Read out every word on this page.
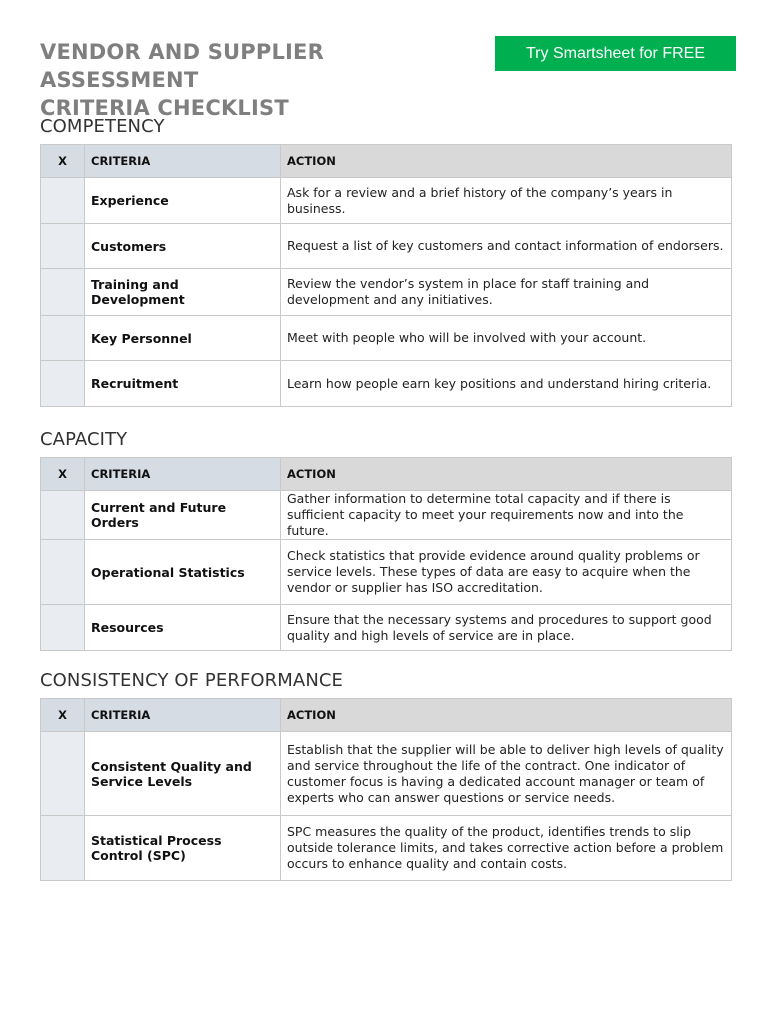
VENDOR AND SUPPLIER ASSESSMENT
CRITERIA CHECKLIST
Try Smartsheet for FREE
COMPETENCY
X	CRITERIA	ACTION
	Experience	Ask for a review and a brief history of the company’s years in business.
	Customers	Request a list of key customers and contact information of endorsers.
	Training and Development	Review the vendor’s system in place for staff training and development and any initiatives.
	Key Personnel	Meet with people who will be involved with your account.
	Recruitment	Learn how people earn key positions and understand hiring criteria.
CAPACITY
X	CRITERIA	ACTION
	Current and Future Orders	Gather information to determine total capacity and if there is sufficient capacity to meet your requirements now and into the future.
	Operational Statistics	Check statistics that provide evidence around quality problems or service levels. These types of data are easy to acquire when the vendor or supplier has ISO accreditation.
	Resources	Ensure that the necessary systems and procedures to support good quality and high levels of service are in place.
CONSISTENCY OF PERFORMANCE
X	CRITERIA	ACTION
	Consistent Quality and Service Levels	Establish that the supplier will be able to deliver high levels of quality and service throughout the life of the contract. One indicator of customer focus is having a dedicated account manager or team of experts who can answer questions or service needs.
	Statistical Process Control (SPC)	SPC measures the quality of the product, identifies trends to slip outside tolerance limits, and takes corrective action before a problem occurs to enhance quality and contain costs.
